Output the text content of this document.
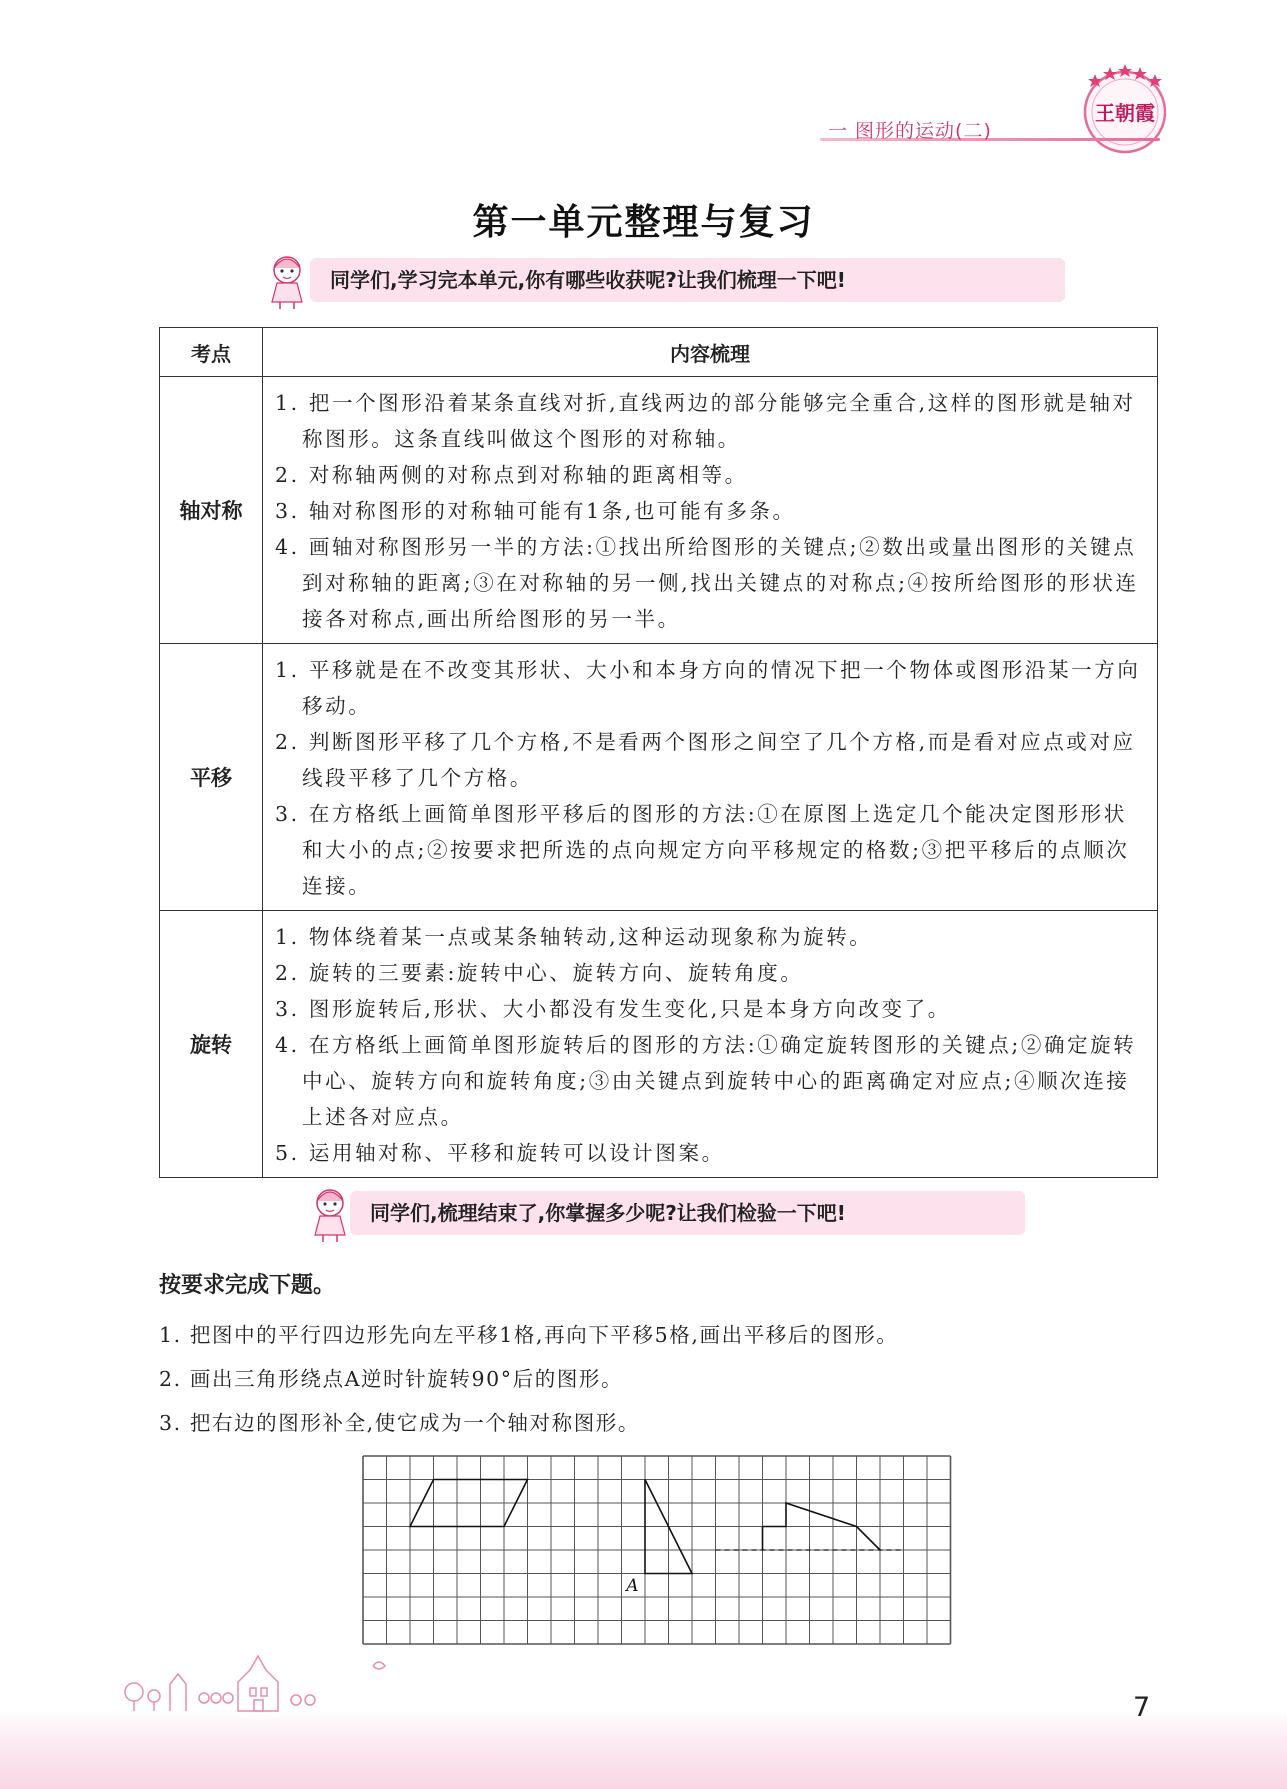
王朝霞
一 图形的运动(二)
第一单元整理与复习
同学们,学习完本单元,你有哪些收获呢?让我们梳理一下吧!
考点	内容梳理
轴对称	1. 把一个图形沿着某条直线对折,直线两边的部分能够完全重合,这样的图形就是轴对称图形。这条直线叫做这个图形的对称轴。
2. 对称轴两侧的对称点到对称轴的距离相等。
3. 轴对称图形的对称轴可能有1条,也可能有多条。
4. 画轴对称图形另一半的方法:①找出所给图形的关键点;②数出或量出图形的关键点到对称轴的距离;③在对称轴的另一侧,找出关键点的对称点;④按所给图形的形状连接各对称点,画出所给图形的另一半。

平移	1. 平移就是在不改变其形状、大小和本身方向的情况下把一个物体或图形沿某一方向移动。
2. 判断图形平移了几个方格,不是看两个图形之间空了几个方格,而是看对应点或对应线段平移了几个方格。
3. 在方格纸上画简单图形平移后的图形的方法:①在原图上选定几个能决定图形形状和大小的点;②按要求把所选的点向规定方向平移规定的格数;③把平移后的点顺次连接。

旋转	1. 物体绕着某一点或某条轴转动,这种运动现象称为旋转。
2. 旋转的三要素:旋转中心、旋转方向、旋转角度。
3. 图形旋转后,形状、大小都没有发生变化,只是本身方向改变了。
4. 在方格纸上画简单图形旋转后的图形的方法:①确定旋转图形的关键点;②确定旋转中心、旋转方向和旋转角度;③由关键点到旋转中心的距离确定对应点;④顺次连接上述各对应点。
5. 运用轴对称、平移和旋转可以设计图案。
同学们,梳理结束了,你掌握多少呢?让我们检验一下吧!
按要求完成下题。
1. 把图中的平行四边形先向左平移1格,再向下平移5格,画出平移后的图形。
2. 画出三角形绕点A逆时针旋转90°后的图形。
3. 把右边的图形补全,使它成为一个轴对称图形。
A
7
